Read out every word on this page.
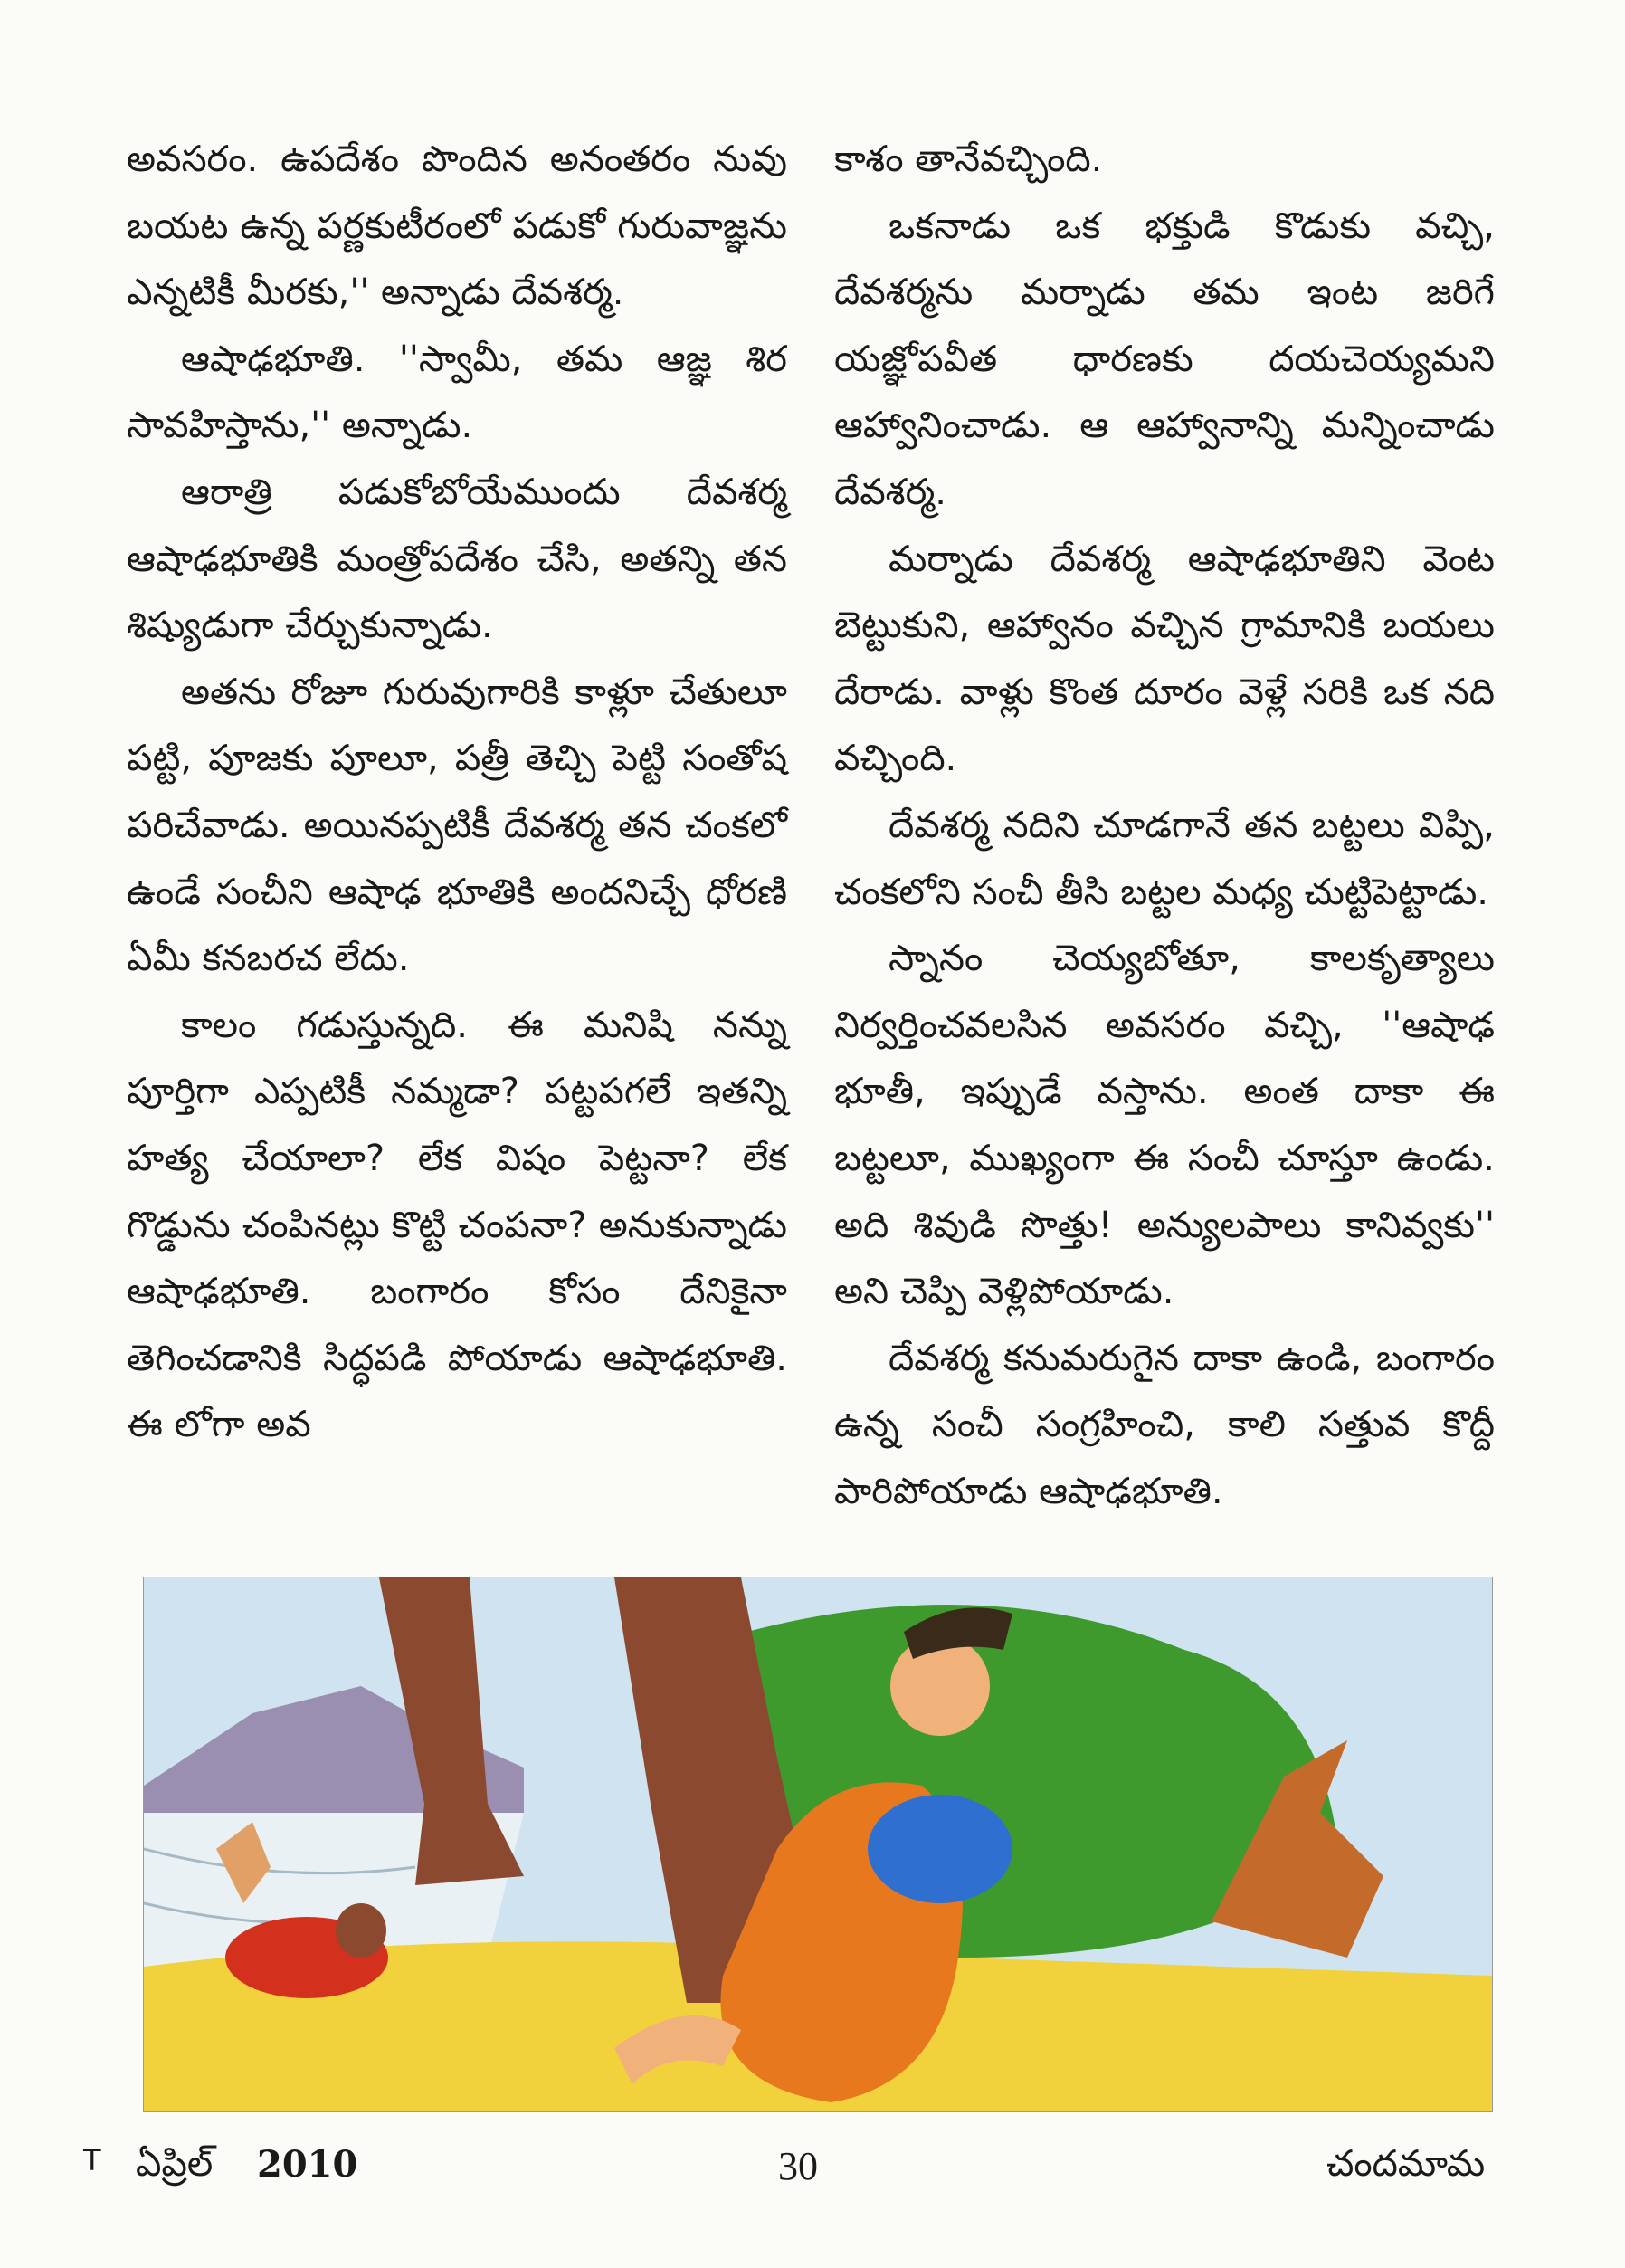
అవసరం. ఉపదేశం పొందిన అనంతరం నువు బయట ఉన్న పర్ణకుటీరంలో పడుకో గురువాజ్ఞను ఎన్నటికీ మీరకు,'' అన్నాడు దేవశర్మ.

ఆషాఢభూతి. ''స్వామీ, తమ ఆజ్ఞ శిర సావహిస్తాను,'' అన్నాడు.

ఆరాత్రి పడుకోబోయేముందు దేవశర్మ ఆషాఢభూతికి మంత్రోపదేశం చేసి, అతన్ని తన శిష్యుడుగా చేర్చుకున్నాడు.

అతను రోజూ గురువుగారికి కాళ్లూ చేతులూ పట్టి, పూజకు పూలూ, పత్రీ తెచ్చి పెట్టి సంతోష పరిచేవాడు. అయినప్పటికీ దేవశర్మ తన చంకలో ఉండే సంచీని ఆషాఢ భూతికి అందనిచ్చే ధోరణి ఏమీ కనబరచ లేదు.

కాలం గడుస్తున్నది. ఈ మనిషి నన్ను పూర్తిగా ఎప్పటికీ నమ్మడా? పట్టపగలే ఇతన్ని హత్య చేయాలా? లేక విషం పెట్టనా? లేక గొడ్డును చంపినట్లు కొట్టి చంపనా? అనుకున్నాడు ఆషాఢభూతి. బంగారం కోసం దేనికైనా తెగించడానికి సిద్ధపడి పోయాడు ఆషాఢభూతి. ఈ లోగా అవ

కాశం తానేవచ్చింది.

ఒకనాడు ఒక భక్తుడి కొడుకు వచ్చి, దేవశర్మను మర్నాడు తమ ఇంట జరిగే యజ్ఞోపవీత ధారణకు దయచెయ్యమని ఆహ్వానించాడు. ఆ ఆహ్వానాన్ని మన్నించాడు దేవశర్మ.

మర్నాడు దేవశర్మ ఆషాఢభూతిని వెంట బెట్టుకుని, ఆహ్వానం వచ్చిన గ్రామానికి బయలు దేరాడు. వాళ్లు కొంత దూరం వెళ్లే సరికి ఒక నది వచ్చింది.

దేవశర్మ నదిని చూడగానే తన బట్టలు విప్పి, చంకలోని సంచీ తీసి బట్టల మధ్య చుట్టిపెట్టాడు.

స్నానం చెయ్యబోతూ, కాలకృత్యాలు నిర్వర్తించవలసిన అవసరం వచ్చి, ''ఆషాఢ భూతీ, ఇప్పుడే వస్తాను. అంత దాకా ఈ బట్టలూ, ముఖ్యంగా ఈ సంచీ చూస్తూ ఉండు. అది శివుడి సొత్తు! అన్యులపాలు కానివ్వకు'' అని చెప్పి వెళ్లిపోయాడు.

దేవశర్మ కనుమరుగైన దాకా ఉండి, బంగారం ఉన్న సంచీ సంగ్రహించి, కాలి సత్తువ కొద్దీ పారిపోయాడు ఆషాఢభూతి.

T ఏప్రిల్ 2010	30	చందమామ
